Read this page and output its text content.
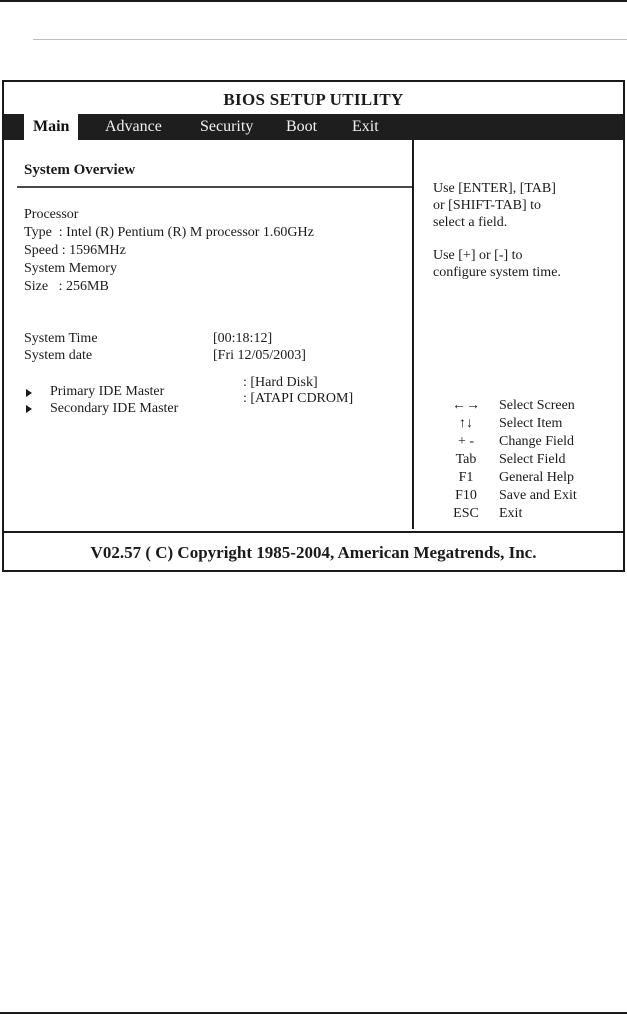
BIOS SETUP UTILITY
Main	Advance	Security	Boot	Exit
System Overview
Processor
Type  : Intel (R) Pentium (R) M processor 1.60GHz
Speed : 1596MHz
System Memory
Size   : 256MB
System Time	[00:18:12]
System date	[Fri 12/05/2003]
Primary IDE Master
: [Hard Disk]
Secondary IDE Master
: [ATAPI CDROM]
Use [ENTER], [TAB]
or [SHIFT-TAB] to
select a field.
Use [+] or [-] to
configure system time.
←→	Select Screen
↑↓	Select Item
+ -	Change Field
Tab	Select Field
F1	General Help
F10	Save and Exit
ESC	Exit
V02.57 ( C) Copyright 1985-2004, American Megatrends, Inc.
